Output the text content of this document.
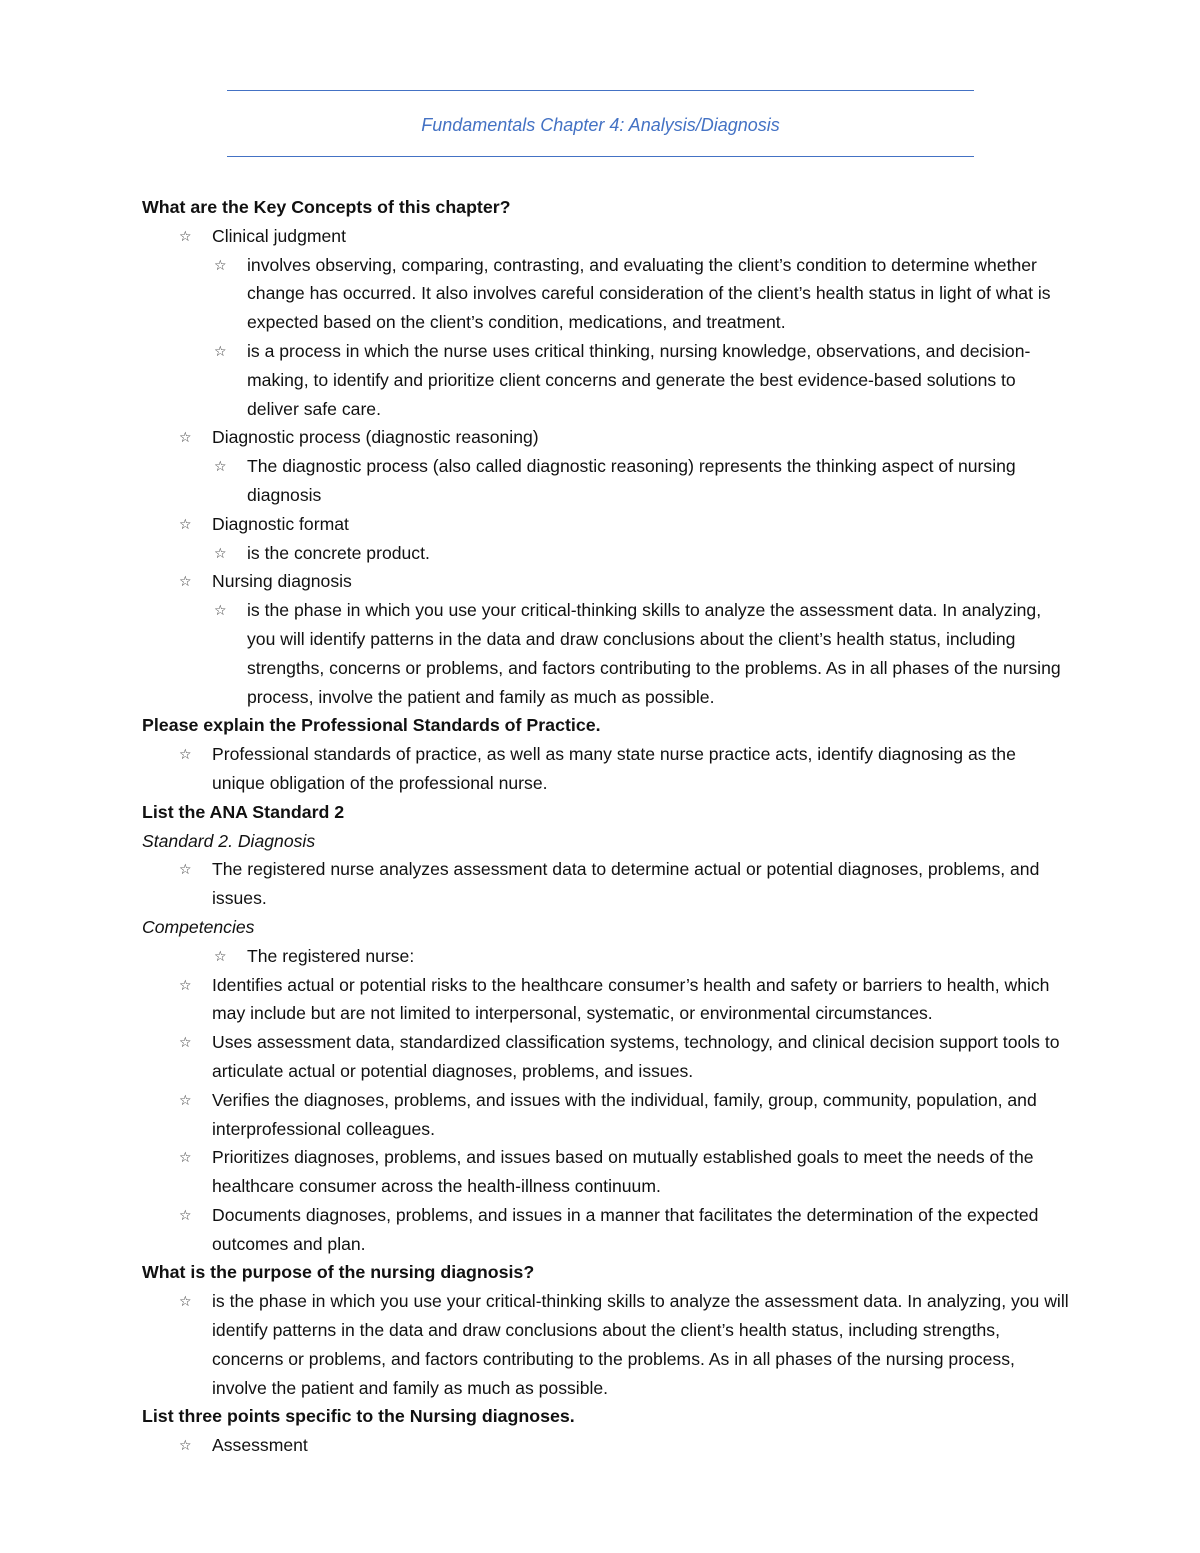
Fundamentals Chapter 4: Analysis/Diagnosis

What are the Key Concepts of this chapter?

☆ Clinical judgment
☆ involves observing, comparing, contrasting, and evaluating the client’s condition to determine whether change has occurred. It also involves careful consideration of the client’s health status in light of what is expected based on the client’s condition, medications, and treatment.
☆ is a process in which the nurse uses critical thinking, nursing knowledge, observations, and decision-making, to identify and prioritize client concerns and generate the best evidence-based solutions to deliver safe care.
☆ Diagnostic process (diagnostic reasoning)
☆ The diagnostic process (also called diagnostic reasoning) represents the thinking aspect of nursing diagnosis
☆ Diagnostic format
☆ is the concrete product.
☆ Nursing diagnosis
☆ is the phase in which you use your critical-thinking skills to analyze the assessment data. In analyzing, you will identify patterns in the data and draw conclusions about the client’s health status, including strengths, concerns or problems, and factors contributing to the problems. As in all phases of the nursing process, involve the patient and family as much as possible.

Please explain the Professional Standards of Practice.

☆ Professional standards of practice, as well as many state nurse practice acts, identify diagnosing as the unique obligation of the professional nurse.

List the ANA Standard 2

Standard 2. Diagnosis

☆ The registered nurse analyzes assessment data to determine actual or potential diagnoses, problems, and issues.

Competencies

☆ The registered nurse:
☆ Identifies actual or potential risks to the healthcare consumer’s health and safety or barriers to health, which may include but are not limited to interpersonal, systematic, or environmental circumstances.
☆ Uses assessment data, standardized classification systems, technology, and clinical decision support tools to articulate actual or potential diagnoses, problems, and issues.
☆ Verifies the diagnoses, problems, and issues with the individual, family, group, community, population, and interprofessional colleagues.
☆ Prioritizes diagnoses, problems, and issues based on mutually established goals to meet the needs of the healthcare consumer across the health-illness continuum.
☆ Documents diagnoses, problems, and issues in a manner that facilitates the determination of the expected outcomes and plan.

What is the purpose of the nursing diagnosis?

☆ is the phase in which you use your critical-thinking skills to analyze the assessment data. In analyzing, you will identify patterns in the data and draw conclusions about the client’s health status, including strengths, concerns or problems, and factors contributing to the problems. As in all phases of the nursing process, involve the patient and family as much as possible.

List three points specific to the Nursing diagnoses.

☆ Assessment
